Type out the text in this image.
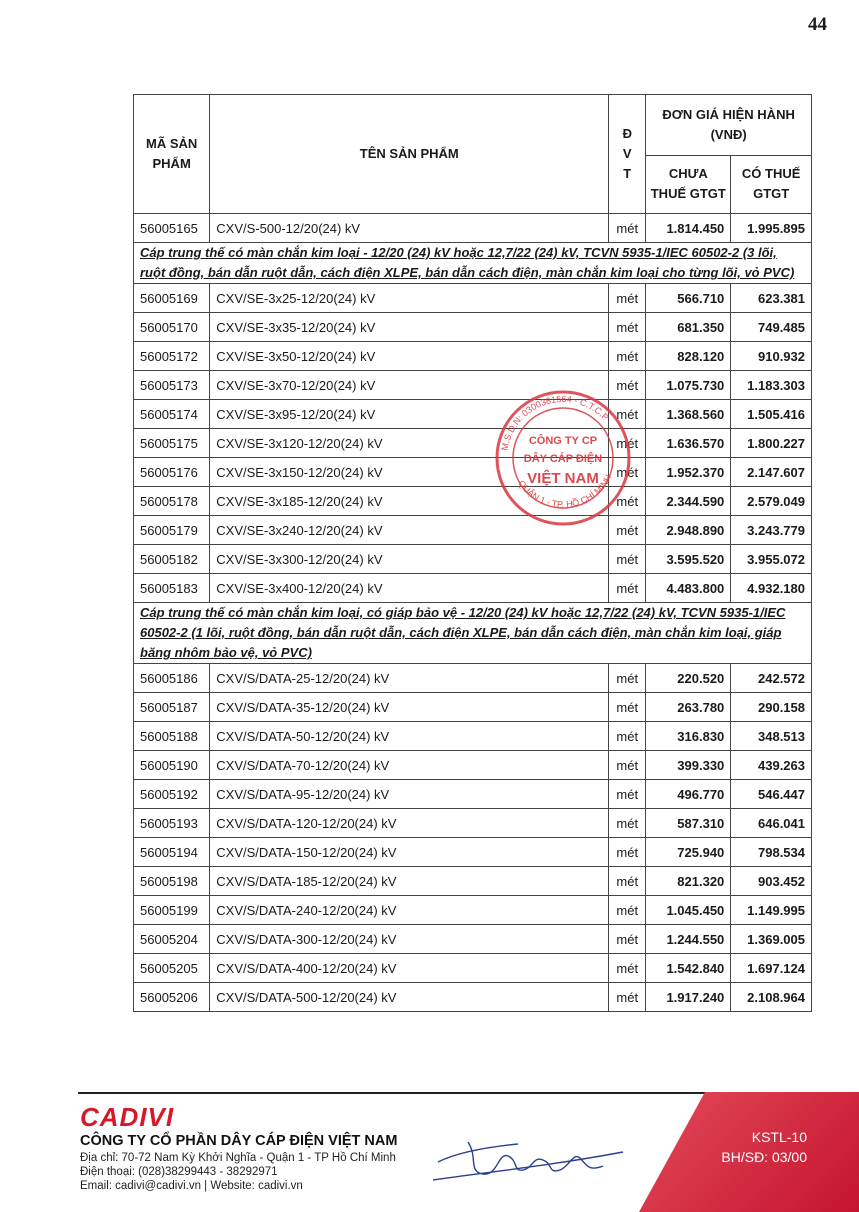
44
MÃ SẢN PHẨM	TÊN SẢN PHẨM	Đ V T	ĐƠN GIÁ HIỆN HÀNH (VNĐ)	
			CHƯA THUẾ GTGT	CÓ THUẾ GTGT
56005165	CXV/S-500-12/20(24) kV	mét	1.814.450	1.995.895
Cáp trung thế có màn chắn kim loại - 12/20 (24) kV hoặc 12,7/22 (24) kV, TCVN 5935-1/IEC 60502-2 (3 lõi, ruột đồng, bán dẫn ruột dẫn, cách điện XLPE, bán dẫn cách điện, màn chắn kim loại cho từng lõi, vỏ PVC)				
56005169	CXV/SE-3x25-12/20(24) kV	mét	566.710	623.381
56005170	CXV/SE-3x35-12/20(24) kV	mét	681.350	749.485
56005172	CXV/SE-3x50-12/20(24) kV	mét	828.120	910.932
56005173	CXV/SE-3x70-12/20(24) kV	mét	1.075.730	1.183.303
56005174	CXV/SE-3x95-12/20(24) kV	mét	1.368.560	1.505.416
56005175	CXV/SE-3x120-12/20(24) kV	mét	1.636.570	1.800.227
56005176	CXV/SE-3x150-12/20(24) kV	mét	1.952.370	2.147.607
56005178	CXV/SE-3x185-12/20(24) kV	mét	2.344.590	2.579.049
56005179	CXV/SE-3x240-12/20(24) kV	mét	2.948.890	3.243.779
56005182	CXV/SE-3x300-12/20(24) kV	mét	3.595.520	3.955.072
56005183	CXV/SE-3x400-12/20(24) kV	mét	4.483.800	4.932.180
Cáp trung thế có màn chắn kim loại, có giáp bảo vệ - 12/20 (24) kV hoặc 12,7/22 (24) kV, TCVN 5935-1/IEC 60502-2 (1 lõi, ruột đồng, bán dẫn ruột dẫn, cách điện XLPE, bán dẫn cách điện, màn chắn kim loại, giáp băng nhôm bảo vệ, vỏ PVC)				
56005186	CXV/S/DATA-25-12/20(24) kV	mét	220.520	242.572
56005187	CXV/S/DATA-35-12/20(24) kV	mét	263.780	290.158
56005188	CXV/S/DATA-50-12/20(24) kV	mét	316.830	348.513
56005190	CXV/S/DATA-70-12/20(24) kV	mét	399.330	439.263
56005192	CXV/S/DATA-95-12/20(24) kV	mét	496.770	546.447
56005193	CXV/S/DATA-120-12/20(24) kV	mét	587.310	646.041
56005194	CXV/S/DATA-150-12/20(24) kV	mét	725.940	798.534
56005198	CXV/S/DATA-185-12/20(24) kV	mét	821.320	903.452
56005199	CXV/S/DATA-240-12/20(24) kV	mét	1.045.450	1.149.995
56005204	CXV/S/DATA-300-12/20(24) kV	mét	1.244.550	1.369.005
56005205	CXV/S/DATA-400-12/20(24) kV	mét	1.542.840	1.697.124
56005206	CXV/S/DATA-500-12/20(24) kV	mét	1.917.240	2.108.964
M.S.D.N: 0300381564 - C.T.C.P
QUẬN 1 - TP. HỒ CHÍ MINH
CÔNG TY CP
DÂY CÁP ĐIỆN
VIỆT NAM
CADIVI
CÔNG TY CỔ PHẦN DÂY CÁP ĐIỆN VIỆT NAM
Địa chỉ: 70-72 Nam Kỳ Khởi Nghĩa - Quận 1 - TP Hồ Chí Minh
Điện thoại: (028)38299443 - 38292971
Email: cadivi@cadivi.vn | Website: cadivi.vn
KSTL-10
BH/SĐ: 03/00
